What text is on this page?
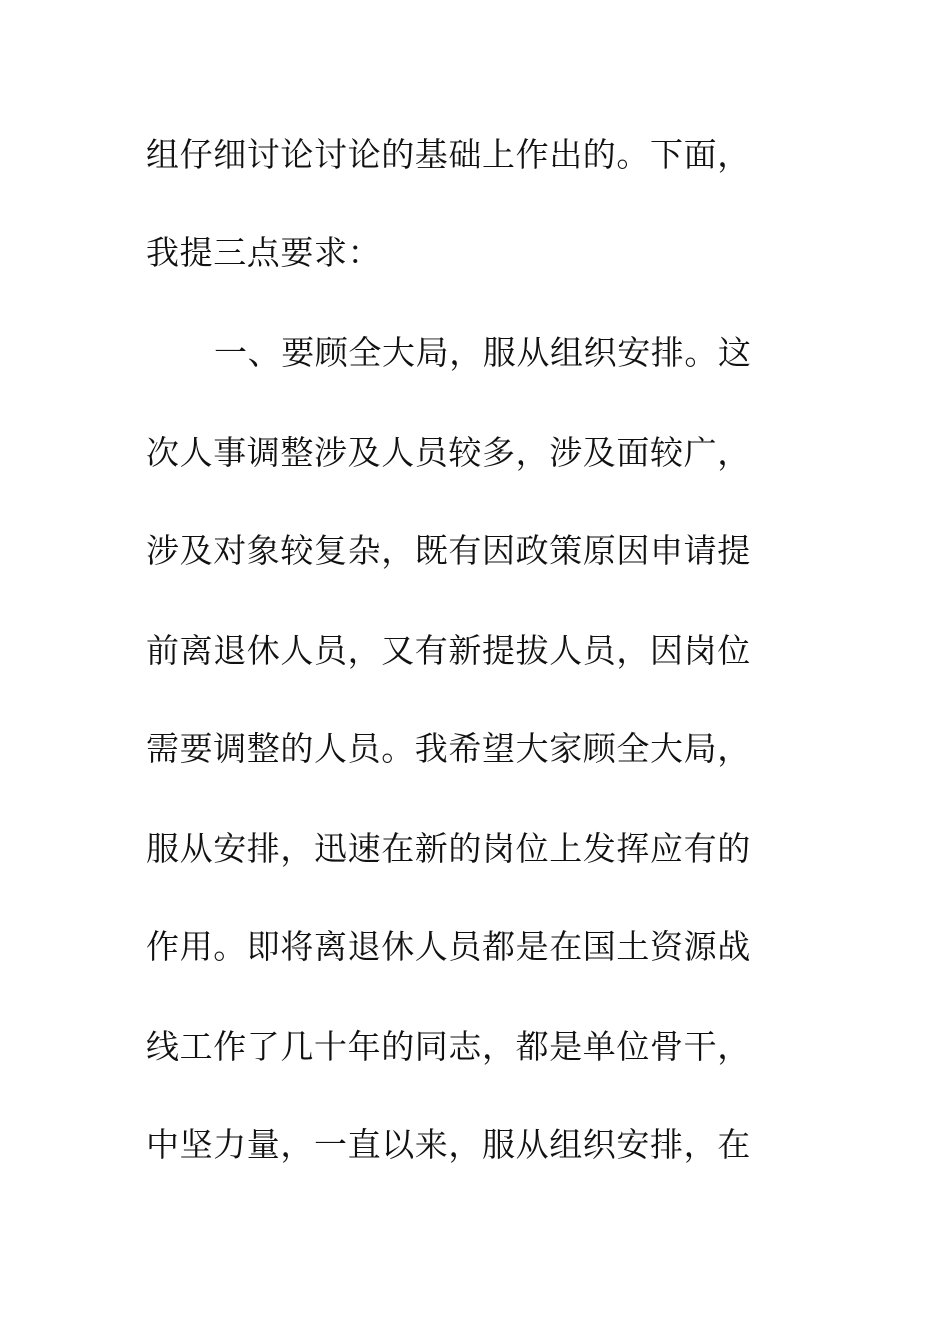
组仔细讨论讨论的基础上作出的。下面，
我提三点要求：
一、要顾全大局，服从组织安排。这
次人事调整涉及人员较多，涉及面较广，
涉及对象较复杂，既有因政策原因申请提
前离退休人员，又有新提拔人员，因岗位
需要调整的人员。我希望大家顾全大局，
服从安排，迅速在新的岗位上发挥应有的
作用。即将离退休人员都是在国土资源战
线工作了几十年的同志，都是单位骨干，
中坚力量，一直以来，服从组织安排，在
